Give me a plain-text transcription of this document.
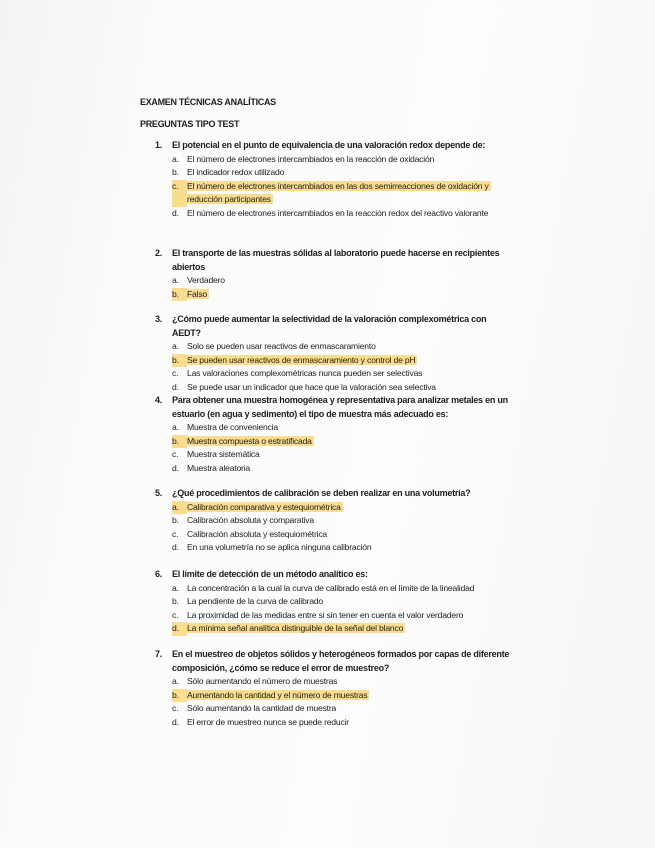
EXAMEN TÉCNICAS ANALÍTICAS
PREGUNTAS TIPO TEST
1.	El potencial en el punto de equivalencia de una valoración redox depende de:
a. El número de electrones intercambiados en la reacción de oxidación
b. El indicador redox utilizado
c.	El número de electrones intercambiados en las dos semirreacciones de oxidación y reducción participantes
d. El número de electrones intercambiados en la reacción redox del reactivo valorante
2.	El transporte de las muestras sólidas al laboratorio puede hacerse en recipientes abiertos
a. Verdadero
b. Falso
3.	¿Cómo puede aumentar la selectividad de la valoración complexométrica con AEDT?
a. Solo se pueden usar reactivos de enmascaramiento
b. Se pueden usar reactivos de enmascaramiento y control de pH
c.	Las valoraciones complexométricas nunca pueden ser selectivas
d. Se puede usar un indicador que hace que la valoración sea selectiva
4.	Para obtener una muestra homogénea y representativa para analizar metales en un estuario (en agua y sedimento) el tipo de muestra más adecuado es:
a. Muestra de conveniencia
b. Muestra compuesta o estratificada
c.	Muestra sistemática
d. Muestra aleatoria
5.	¿Qué procedimientos de calibración se deben realizar en una volumetría?
a. Calibración comparativa y estequiométrica
b. Calibración absoluta y comparativa
c.	Calibración absoluta y estequiométrica
d. En una volumetría no se aplica ninguna calibración
6.	El límite de detección de un método analítico es:
a. La concentración a la cual la curva de calibrado está en el límite de la linealidad
b. La pendiente de la curva de calibrado
c.	La proximidad de las medidas entre si sin tener en cuenta el valor verdadero
d. La mínima señal analítica distinguible de la señal del blanco
7.	En el muestreo de objetos sólidos y heterogéneos formados por capas de diferente composición, ¿cómo se reduce el error de muestreo?
a. Sólo aumentando el número de muestras
b. Aumentando la cantidad y el número de muestras
c.	Sólo aumentando la cantidad de muestra
d. El error de muestreo nunca se puede reducir
